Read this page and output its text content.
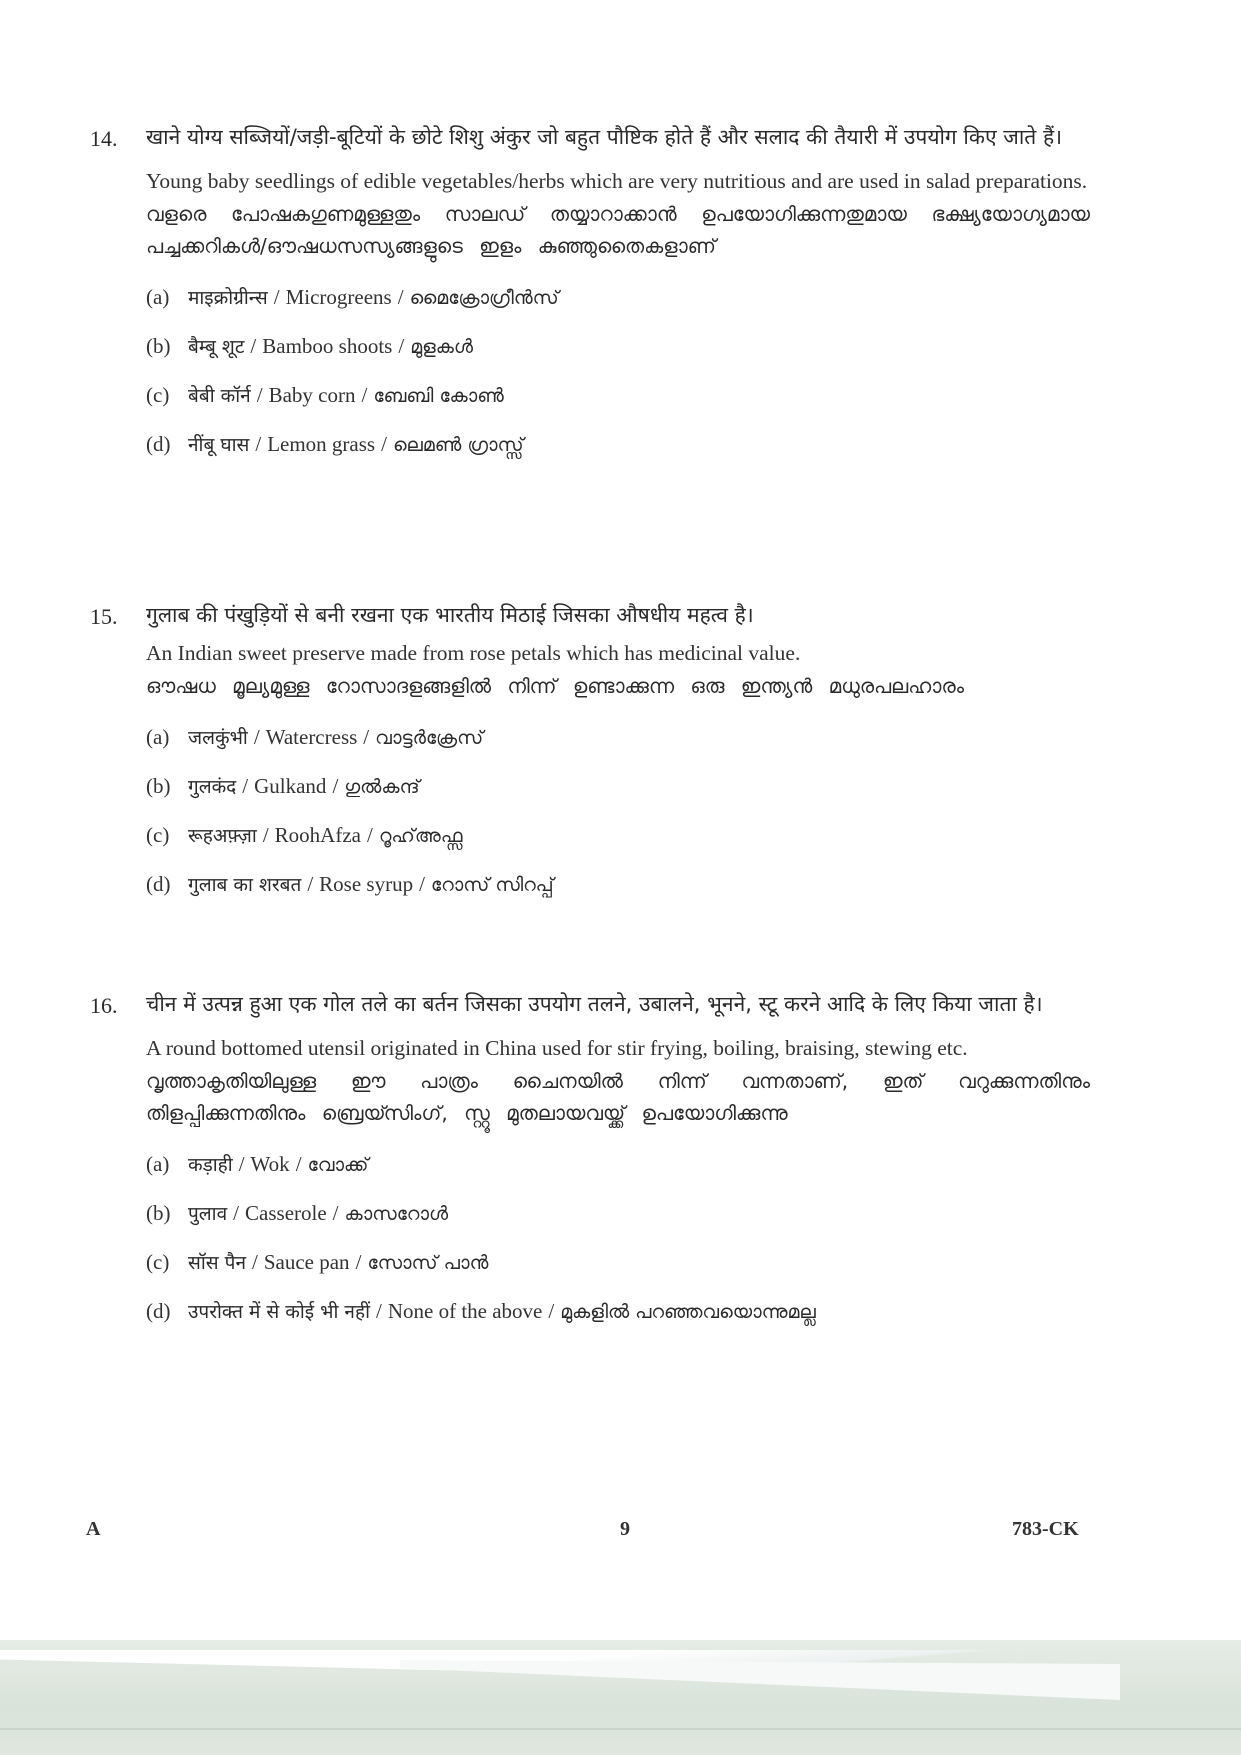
14. खाने योग्य सब्जियों/जड़ी-बूटियों के छोटे शिशु अंकुर जो बहुत पौष्टिक होते हैं और सलाद की तैयारी में उपयोग किए जाते हैं।
Young baby seedlings of edible vegetables/herbs which are very nutritious and are used in salad preparations.
വളരെ പോഷകഗുണമുള്ളതും സാലഡ് തയ്യാറാക്കാൻ ഉപയോഗിക്കുന്നതുമായ ഭക്ഷ്യയോഗ്യമായ പച്ചക്കറികൾ/ഔഷധസസ്യങ്ങളുടെ ഇളം കുഞ്ഞുതൈകളാണ്
(a) माइक्रोग्रीन्स / Microgreens / മൈക്രോഗ്രീൻസ്
(b) बैम्बू शूट / Bamboo shoots / മുളകൾ
(c) बेबी कॉर्न / Baby corn / ബേബി കോൺ
(d) नींबू घास / Lemon grass / ലെമൺ ഗ്രാസ്സ്
15. गुलाब की पंखुड़ियों से बनी रखना एक भारतीय मिठाई जिसका औषधीय महत्व है।
An Indian sweet preserve made from rose petals which has medicinal value.
ഔഷധ മൂല്യമുള്ള റോസാദളങ്ങളിൽ നിന്ന് ഉണ്ടാക്കുന്ന ഒരു ഇന്ത്യൻ മധുരപലഹാരം
(a) जलकुंभी / Watercress / വാട്ടർക്രേസ്
(b) गुलकंद / Gulkand / ഗുൽകന്ദ്
(c) रूहअफ़्ज़ा / RoohAfza / റൂഹ്അഫ്സ
(d) गुलाब का शरबत / Rose syrup / റോസ് സിറപ്പ്
16. चीन में उत्पन्न हुआ एक गोल तले का बर्तन जिसका उपयोग तलने, उबालने, भूनने, स्टू करने आदि के लिए किया जाता है।
A round bottomed utensil originated in China used for stir frying, boiling, braising, stewing etc.
വൃത്താകൃതിയിലുള്ള ഈ പാത്രം ചൈനയിൽ നിന്ന് വന്നതാണ്, ഇത് വറുക്കുന്നതിനും തിളപ്പിക്കുന്നതിനും ബ്രെയ്സിംഗ്, സ്റ്റൂ മുതലായവയ്ക്ക് ഉപയോഗിക്കുന്നു
(a) कड़ाही / Wok / വോക്ക്
(b) पुलाव / Casserole / കാസറോൾ
(c) सॉस पैन / Sauce pan / സോസ് പാൻ
(d) उपरोक्त में से कोई भी नहीं / None of the above / മുകളിൽ പറഞ്ഞവയൊന്നുമല്ല
A	9	783-CK
